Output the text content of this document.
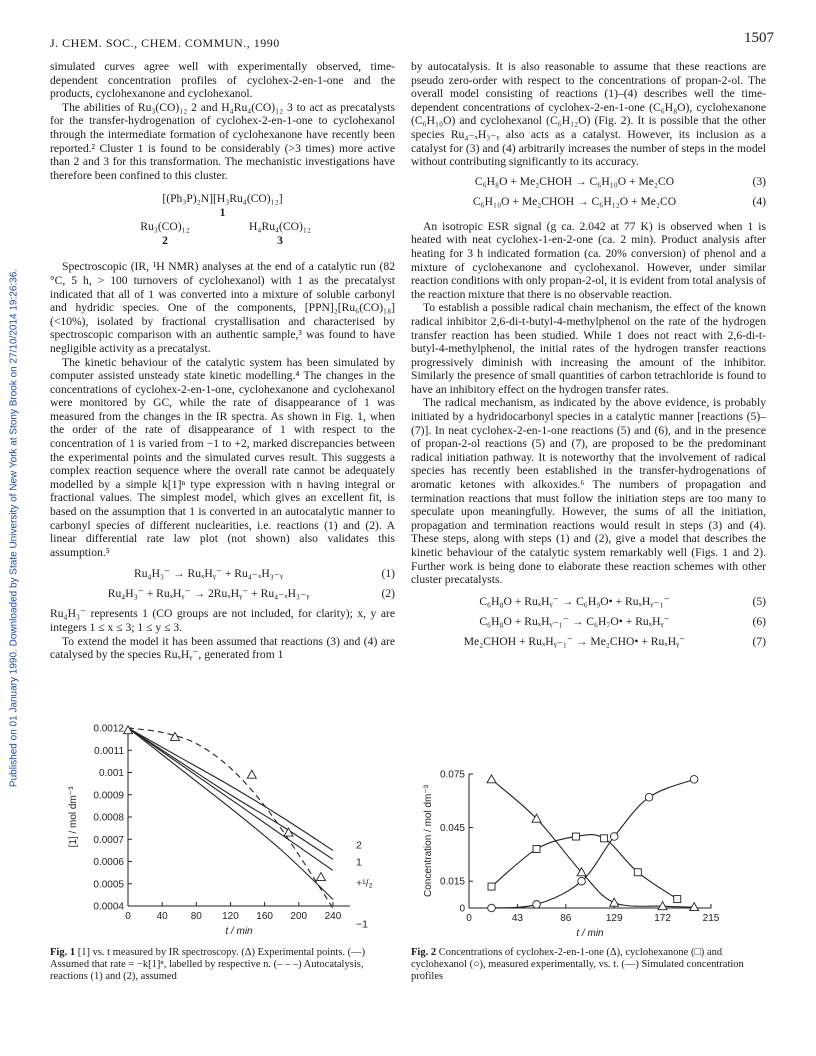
Published on 01 January 1990. Downloaded by State University of New York at Stony Brook on 27/10/2014 19:26:36.
J. CHEM. SOC., CHEM. COMMUN., 1990	1507

simulated curves agree well with experimentally observed, time-dependent concentration profiles of cyclohex-2-en-1-one and the products, cyclohexanone and cyclohexanol.

The abilities of Ru₃(CO)₁₂ 2 and H₄Ru₄(CO)₁₂ 3 to act as precatalysts for the transfer-hydrogenation of cyclohex-2-en-1-one to cyclohexanol through the intermediate formation of cyclohexanone have recently been reported.² Cluster 1 is found to be considerably (>3 times) more active than 2 and 3 for this transformation. The mechanistic investigations have therefore been confined to this cluster.

[(Ph₃P)₂N][H₃Ru₄(CO)₁₂]
1
Ru₃(CO)₁₂	H₄Ru₄(CO)₁₂
2	3

Spectroscopic (IR, ¹H NMR) analyses at the end of a catalytic run (82 °C, 5 h, > 100 turnovers of cyclohexanol) with 1 as the precatalyst indicated that all of 1 was converted into a mixture of soluble carbonyl and hydridic species. One of the components, [PPN]₂[Ru₆(CO)₁₈] (<10%), isolated by fractional crystallisation and characterised by spectroscopic comparison with an authentic sample,³ was found to have negligible activity as a precatalyst.

The kinetic behaviour of the catalytic system has been simulated by computer assisted unsteady state kinetic modelling.⁴ The changes in the concentrations of cyclohex-2-en-1-one, cyclohexanone and cyclohexanol were monitored by GC, while the rate of disappearance of 1 was measured from the changes in the IR spectra. As shown in Fig. 1, when the order of the rate of disappearance of 1 with respect to the concentration of 1 is varied from −1 to +2, marked discrepancies between the experimental points and the simulated curves result. This suggests a complex reaction sequence where the overall rate cannot be adequately modelled by a simple k[1]ⁿ type expression with n having integral or fractional values. The simplest model, which gives an excellent fit, is based on the assumption that 1 is converted in an autocatalytic manner to carbonyl species of different nuclearities, i.e. reactions (1) and (2). A linear differential rate law plot (not shown) also validates this assumption.⁵

Ru₄H₃⁻ → RuₓHᵧ⁻ + Ru₄₋ₓH₃₋ᵧ	(1)
Ru₄H₃⁻ + RuₓHᵧ⁻ → 2RuₓHᵧ⁻ + Ru₄₋ₓH₃₋ᵧ	(2)

Ru₄H₃⁻ represents 1 (CO groups are not included, for clarity); x, y are integers 1 ≤ x ≤ 3; 1 ≤ y ≤ 3.

To extend the model it has been assumed that reactions (3) and (4) are catalysed by the species RuₓHᵧ⁻, generated from 1

by autocatalysis. It is also reasonable to assume that these reactions are pseudo zero-order with respect to the concentrations of propan-2-ol. The overall model consisting of reactions (1)–(4) describes well the time-dependent concentrations of cyclohex-2-en-1-one (C₆H₈O), cyclohexanone (C₆H₁₀O) and cyclohexanol (C₆H₁₂O) (Fig. 2). It is possible that the other species Ru₄₋ₓH₃₋ᵧ also acts as a catalyst. However, its inclusion as a catalyst for (3) and (4) arbitrarily increases the number of steps in the model without contributing significantly to its accuracy.

C₆H₈O + Me₂CHOH → C₆H₁₀O + Me₂CO	(3)
C₆H₁₀O + Me₂CHOH → C₆H₁₂O + Me₂CO	(4)

An isotropic ESR signal (g ca. 2.042 at 77 K) is observed when 1 is heated with neat cyclohex-1-en-2-one (ca. 2 min). Product analysis after heating for 3 h indicated formation (ca. 20% conversion) of phenol and a mixture of cyclohexanone and cyclohexanol. However, under similar reaction conditions with only propan-2-ol, it is evident from total analysis of the reaction mixture that there is no observable reaction.

To establish a possible radical chain mechanism, the effect of the known radical inhibitor 2,6-di-t-butyl-4-methylphenol on the rate of the hydrogen transfer reaction has been studied. While 1 does not react with 2,6-di-t-butyl-4-methylphenol, the initial rates of the hydrogen transfer reactions progressively diminish with increasing the amount of the inhibitor. Similarly the presence of small quantities of carbon tetrachloride is found to have an inhibitory effect on the hydrogen transfer rates.

The radical mechanism, as indicated by the above evidence, is probably initiated by a hydridocarbonyl species in a catalytic manner [reactions (5)–(7)]. In neat cyclohex-2-en-1-one reactions (5) and (6), and in the presence of propan-2-ol reactions (5) and (7), are proposed to be the predominant radical initiation pathway. It is noteworthy that the involvement of radical species has recently been established in the transfer-hydrogenations of aromatic ketones with alkoxides.⁶ The numbers of propagation and termination reactions that must follow the initiation steps are too many to speculate upon meaningfully. However, the sums of all the initiation, propagation and termination reactions would result in steps (3) and (4). These steps, along with steps (1) and (2), give a model that describes the kinetic behaviour of the catalytic system remarkably well (Figs. 1 and 2). Further work is being done to elaborate these reaction schemes with other cluster precatalysts.

C₆H₈O + RuₓHᵧ⁻ → C₆H₉O• + RuₓHᵧ₋₁⁻	(5)
C₆H₈O + RuₓHᵧ₋₁⁻ → C₆H₇O• + RuₓHᵧ⁻	(6)
Me₂CHOH + RuₓHᵧ₋₁⁻ → Me₂CHO• + RuₓHᵧ⁻	(7)
0	40 80 120 160 200 240
0.0004
0.0005
0.0006
0.0007
0.0008
0.0009
0.001
0.0011
0.0012
t / min
[1] / mol dm⁻³	2
1
+¹/₂
−1
Fig. 1 [1] vs. t measured by IR spectroscopy. (Δ) Experimental points. (—) Assumed that rate = −k[1]ⁿ, labelled by respective n. (– – –) Autocatalysis, reactions (1) and (2), assumed
0	43	86	129	172	215
0
0.015
0.045
0.075
t / min
Concentration / mol dm⁻³
Fig. 2 Concentrations of cyclohex-2-en-1-one (Δ), cyclohexanone (□) and cyclohexanol (○), measured experimentally, vs. t. (—) Simulated concentration profiles
